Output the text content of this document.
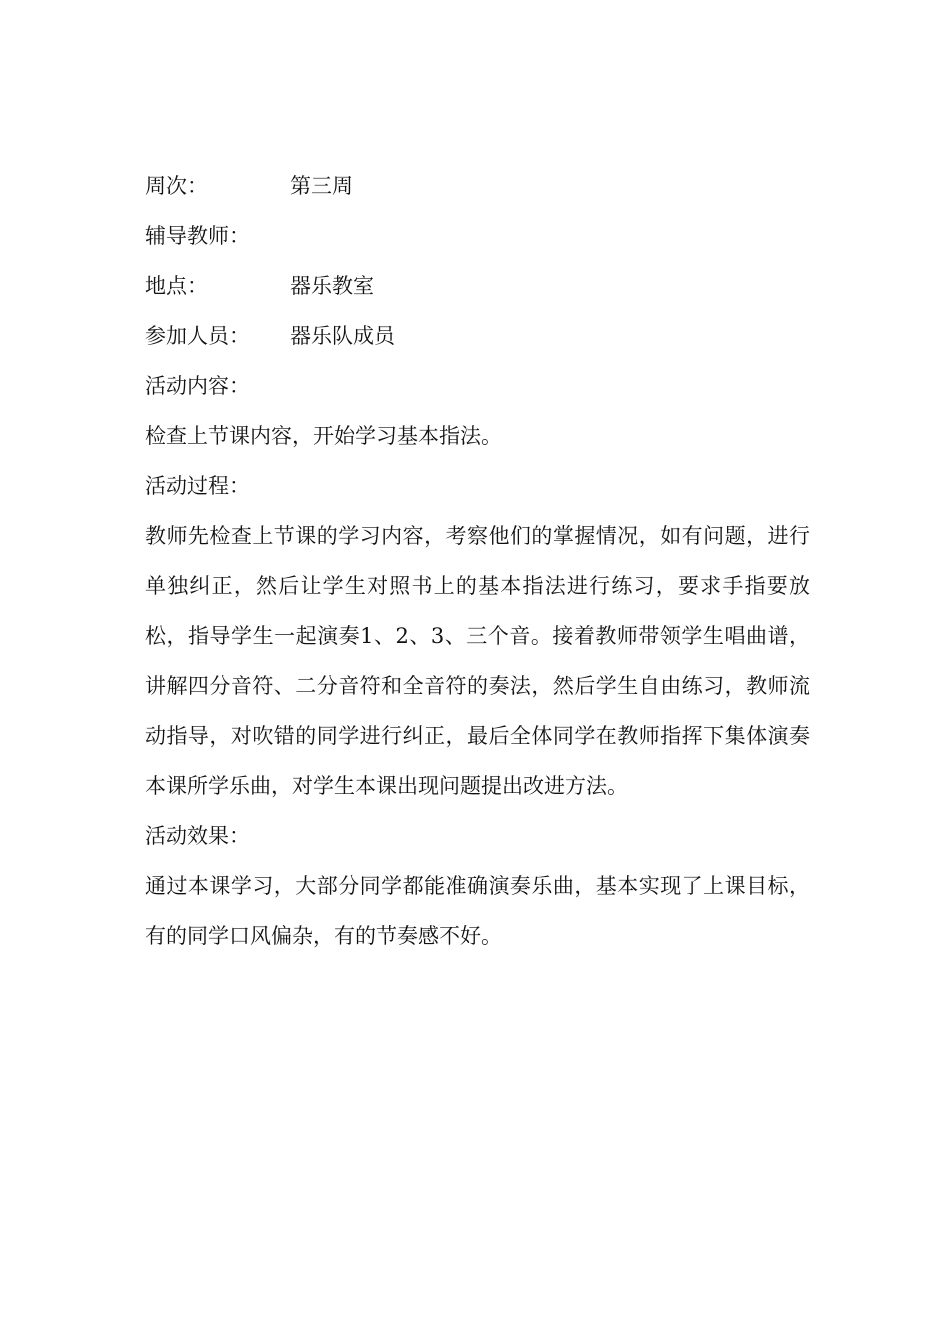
周次：	第三周
辅导教师：
地点：	器乐教室
参加人员： 器乐队成员
活动内容：
检查上节课内容，开始学习基本指法。
活动过程：

教师先检查上节课的学习内容，考察他们的掌握情况，如有问题，进行单独纠正，然后让学生对照书上的基本指法进行练习，要求手指要放松，指导学生一起演奏1、2、3、三个音。接着教师带领学生唱曲谱，讲解四分音符、二分音符和全音符的奏法，然后学生自由练习，教师流动指导，对吹错的同学进行纠正，最后全体同学在教师指挥下集体演奏本课所学乐曲，对学生本课出现问题提出改进方法。

活动效果：

通过本课学习，大部分同学都能准确演奏乐曲，基本实现了上课目标，有的同学口风偏杂，有的节奏感不好。
